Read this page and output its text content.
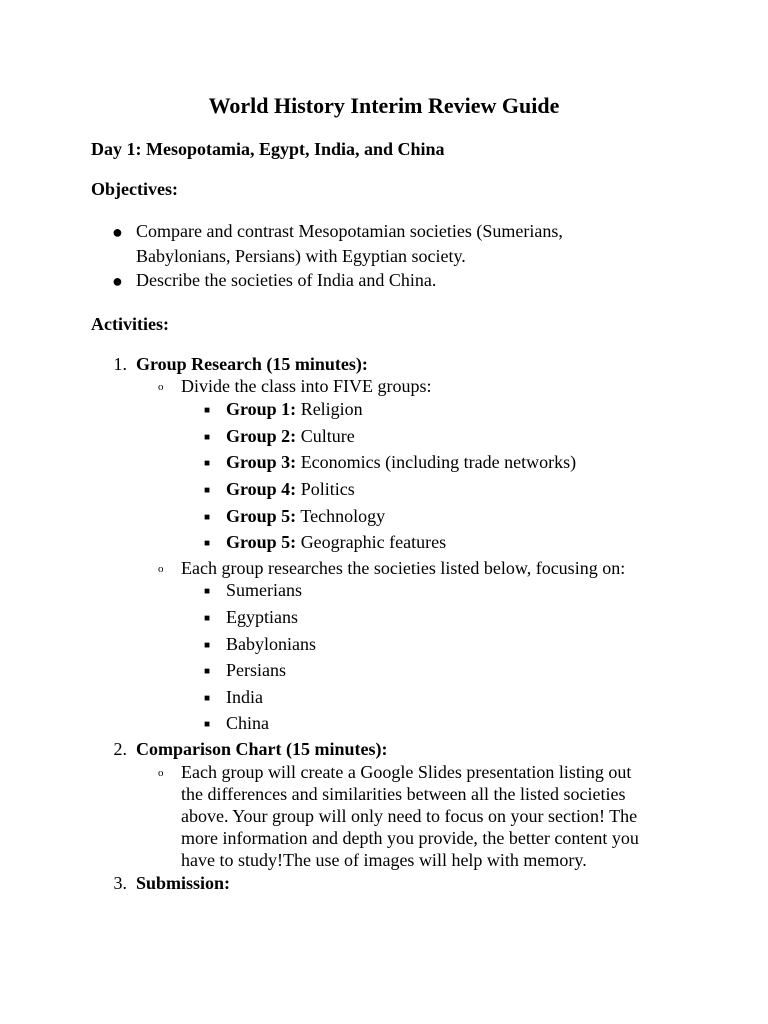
World History Interim Review Guide
Day 1: Mesopotamia, Egypt, India, and China
Objectives:
● Compare and contrast Mesopotamian societies (Sumerians,
Babylonians, Persians) with Egyptian society.
● Describe the societies of India and China.
Activities:
1. Group Research (15 minutes):
o Divide the class into FIVE groups:
■ Group 1: Religion
■ Group 2: Culture
■ Group 3: Economics (including trade networks)
■ Group 4: Politics
■ Group 5: Technology
■ Group 5: Geographic features
o Each group researches the societies listed below, focusing on:
■ Sumerians
■ Egyptians
■ Babylonians
■ Persians
■ India
■ China
2. Comparison Chart (15 minutes):
o Each group will create a Google Slides presentation listing out
the differences and similarities between all the listed societies
above. Your group will only need to focus on your section! The
more information and depth you provide, the better content you
have to study!The use of images will help with memory.
3. Submission:
